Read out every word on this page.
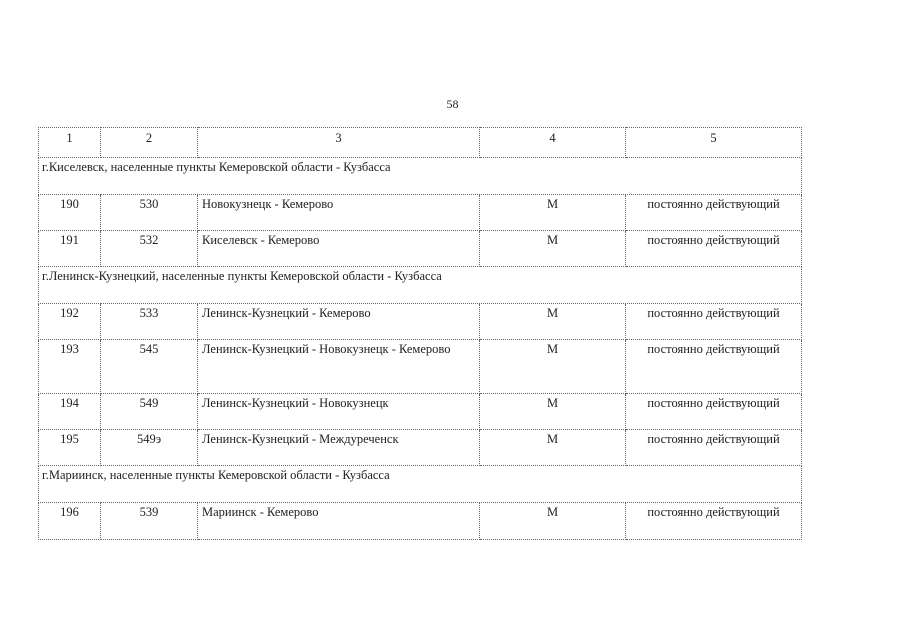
58
1	2	3	4	5
г.Киселевск, населенные пункты Кемеровской области - Кузбасса				
190	530	Новокузнецк - Кемерово	М	постоянно действующий

191	532	Киселевск - Кемерово	М	постоянно действующий

г.Ленинск-Кузнецкий, населенные пункты Кемеровской области - Кузбасса				
192	533	Ленинск-Кузнецкий - Кемерово	М	постоянно действующий

193	545	Ленинск-Кузнецкий - Новокузнецк - Кемерово	М	постоянно действующий

194	549	Ленинск-Кузнецкий - Новокузнецк	М	постоянно действующий

195	549э	Ленинск-Кузнецкий - Междуреченск	М	постоянно действующий

г.Мариинск, населенные пункты Кемеровской области - Кузбасса				
196	539	Мариинск - Кемерово	М	постоянно действующий
